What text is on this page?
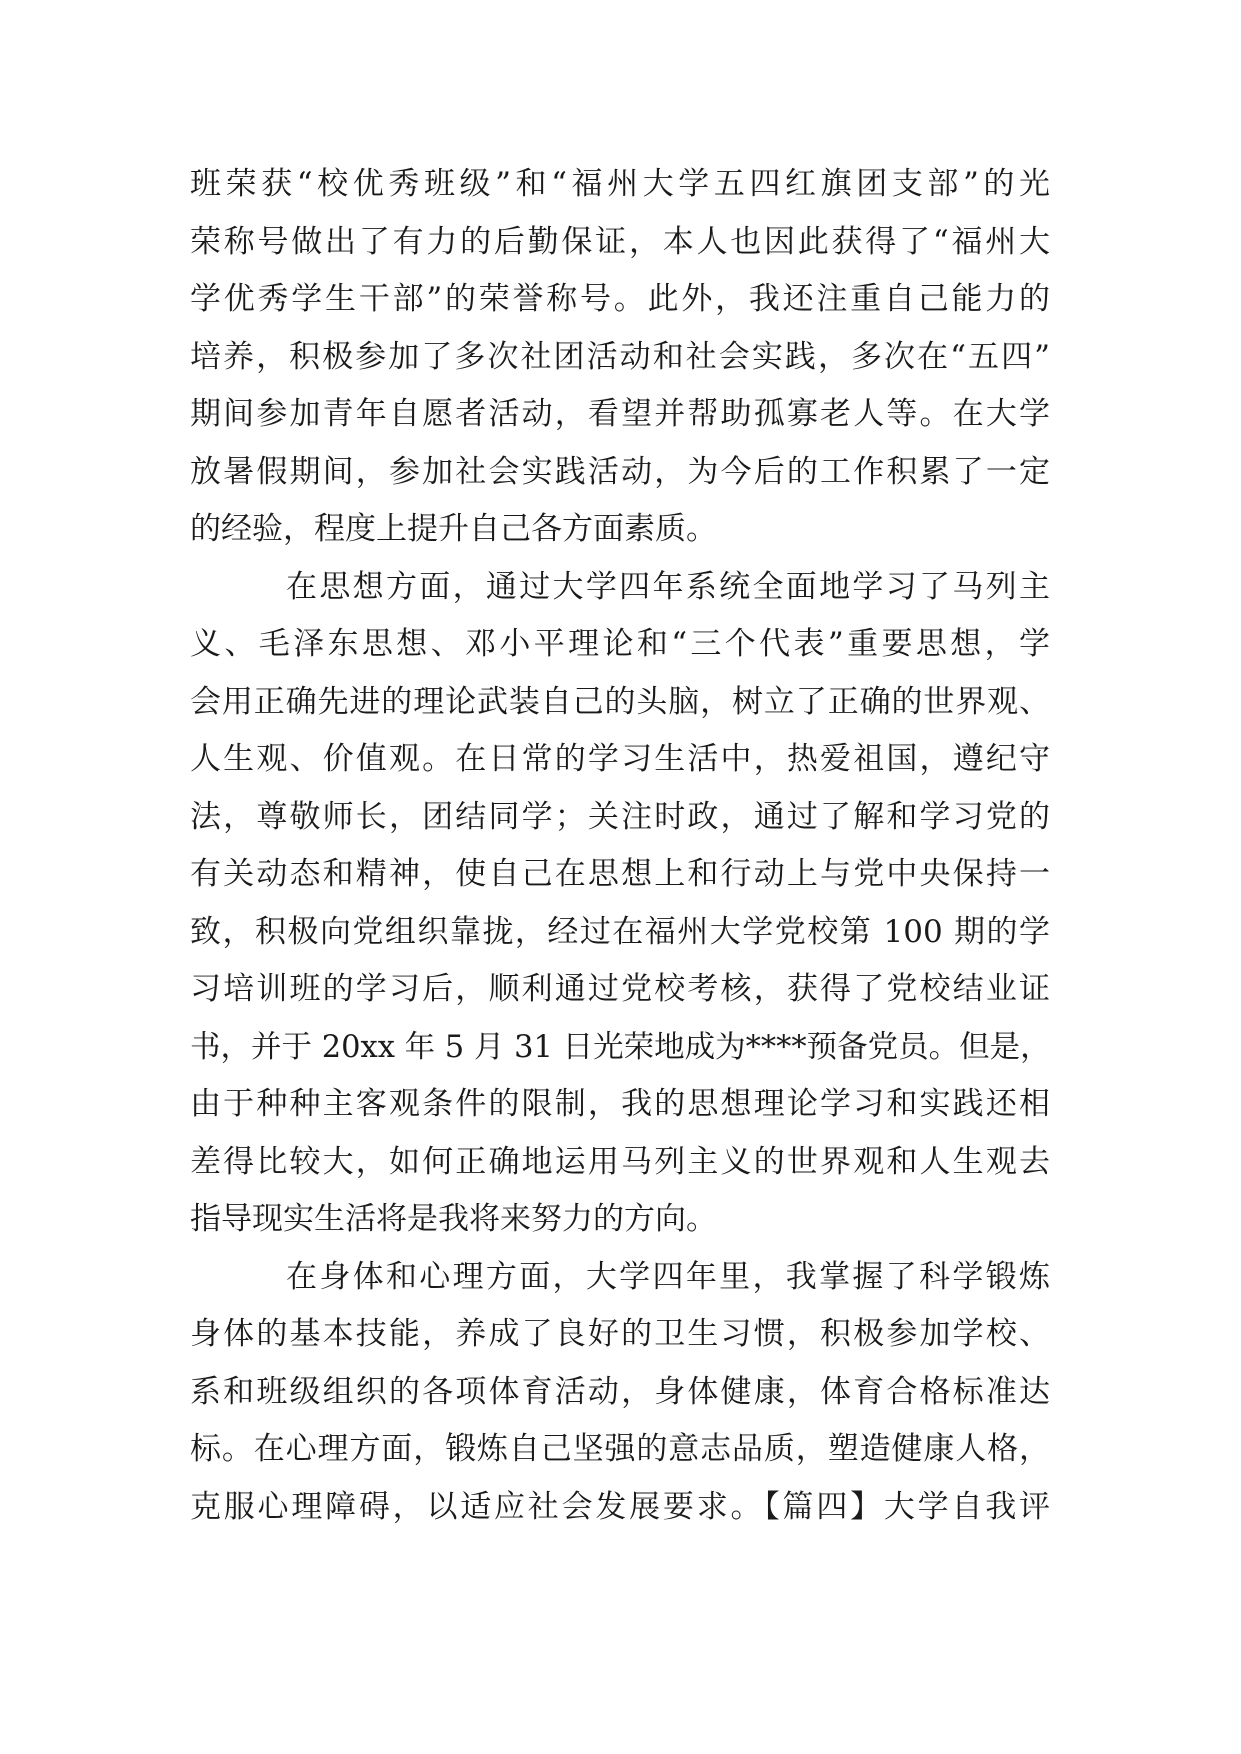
班荣获“校优秀班级”和“福州大学五四红旗团支部”的光
荣称号做出了有力的后勤保证，本人也因此获得了“福州大
学优秀学生干部”的荣誉称号。此外，我还注重自己能力的
培养，积极参加了多次社团活动和社会实践，多次在“五四”
期间参加青年自愿者活动，看望并帮助孤寡老人等。在大学
放暑假期间，参加社会实践活动，为今后的工作积累了一定
的经验，程度上提升自己各方面素质。
在思想方面，通过大学四年系统全面地学习了马列主
义、毛泽东思想、邓小平理论和“三个代表”重要思想，学
会用正确先进的理论武装自己的头脑，树立了正确的世界观、
人生观、价值观。在日常的学习生活中，热爱祖国，遵纪守
法，尊敬师长，团结同学；关注时政，通过了解和学习党的
有关动态和精神，使自己在思想上和行动上与党中央保持一
致，积极向党组织靠拢，经过在福州大学党校第 100 期的学
习培训班的学习后，顺利通过党校考核，获得了党校结业证
书，并于 20xx 年 5 月 31 日光荣地成为****预备党员。但是，
由于种种主客观条件的限制，我的思想理论学习和实践还相
差得比较大，如何正确地运用马列主义的世界观和人生观去
指导现实生活将是我将来努力的方向。
在身体和心理方面，大学四年里，我掌握了科学锻炼
身体的基本技能，养成了良好的卫生习惯，积极参加学校、
系和班级组织的各项体育活动，身体健康，体育合格标准达
标。在心理方面，锻炼自己坚强的意志品质，塑造健康人格，
克服心理障碍，以适应社会发展要求。【篇四】大学自我评
